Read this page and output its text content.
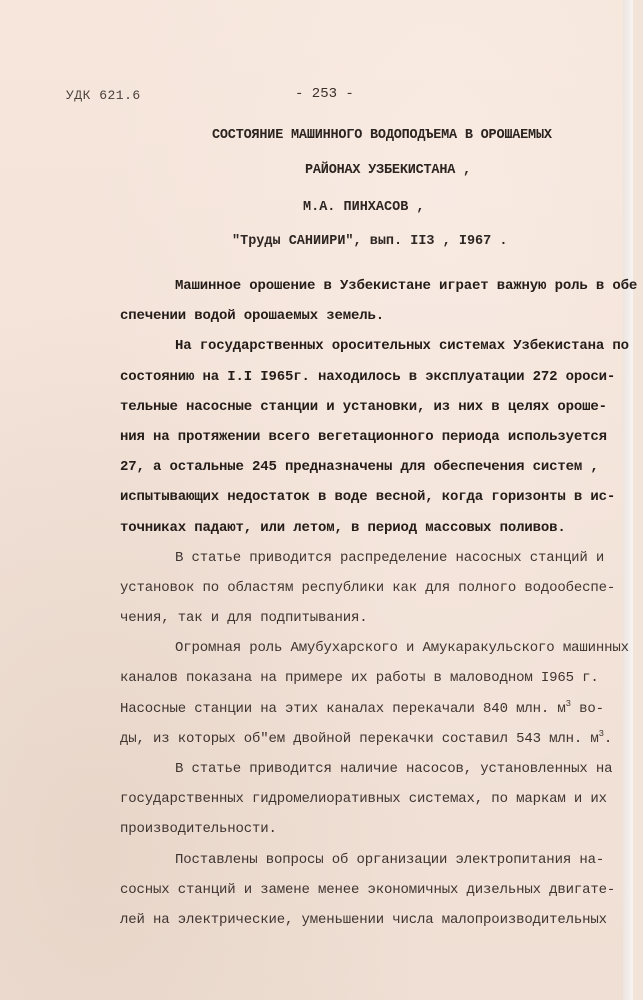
УДК 621.6	- 253 -
СОСТОЯНИЕ МАШИННОГО ВОДОПОДЪЕМА В ОРОШАЕМЫХ
РАЙОНАХ УЗБЕКИСТАНА ,
М.А. ПИНХАСОВ ,
"Труды САНИИРИ", вып. II3 , I967 .
Машинное орошение в Узбекистане играет важную роль в обе
спечении водой орошаемых земель.
На государственных оросительных системах Узбекистана по
состоянию на I.I I965г. находилось в эксплуатации 272 ороси-
тельные насосные станции и установки, из них в целях ороше-
ния на протяжении всего вегетационного периода используется
27, а остальные 245 предназначены для обеспечения систем ,
испытывающих недостаток в воде весной, когда горизонты в ис-
точниках падают, или летом, в период массовых поливов.
В статье приводится распределение насосных станций и
установок по областям республики как для полного водообеспе-
чения, так и для подпитывания.
Огромная роль Амубухарского и Амукаракульского машинных
каналов показана на примере их работы в маловодном I965 г.
Насосные станции на этих каналах перекачали 840 млн. $м^3$ во-
ды, из которых об"ем двойной перекачки составил 543 млн. $м^3$.
В статье приводится наличие насосов, установленных на
государственных гидромелиоративных системах, по маркам и их
производительности.
Поставлены вопросы об организации электропитания на-
сосных станций и замене менее экономичных дизельных двигате-
лей на электрические, уменьшении числа малопроизводительных
